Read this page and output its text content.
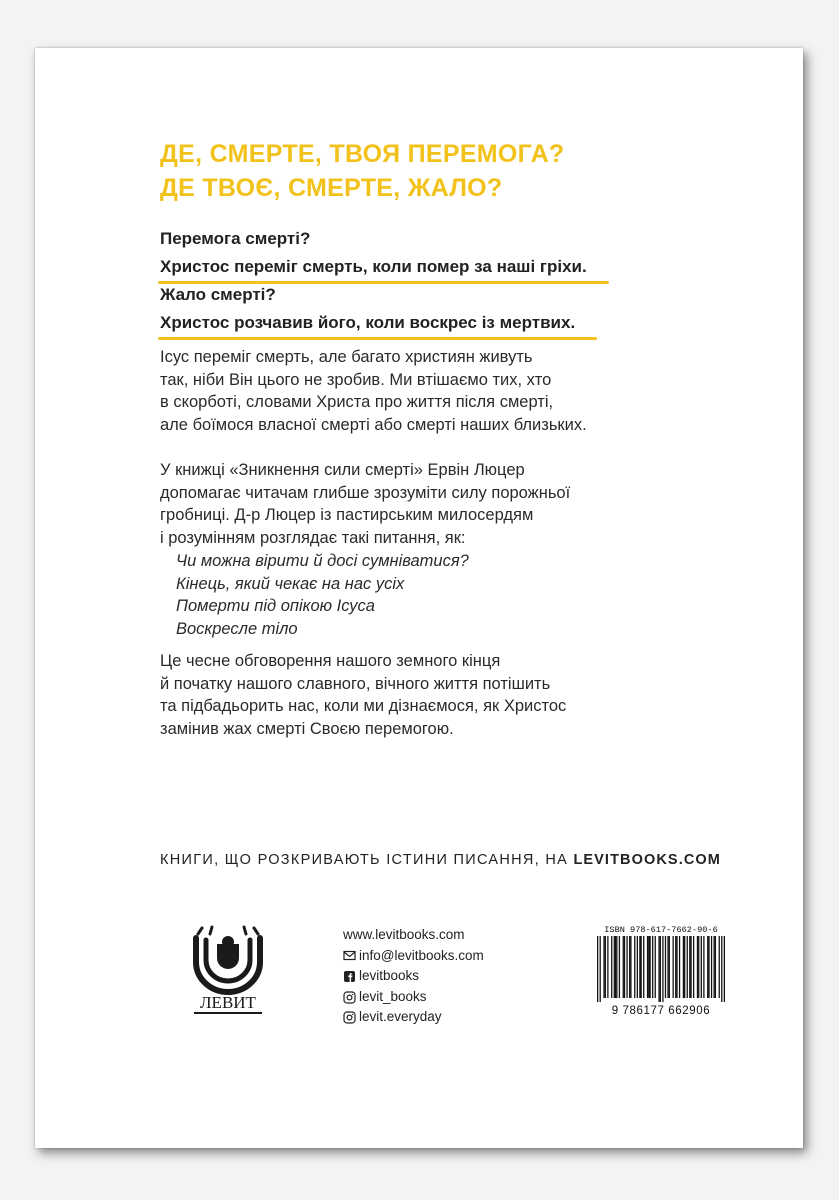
ДЕ, СМЕРТЕ, ТВОЯ ПЕРЕМОГА?
ДЕ ТВОЄ, СМЕРТЕ, ЖАЛО?
Перемога смерті?
Христос переміг смерть, коли помер за наші гріхи.
Жало смерті?
Христос розчавив його, коли воскрес із мертвих.
Ісус переміг смерть, але багато християн живуть
так, ніби Він цього не зробив. Ми втішаємо тих, хто
в скорботі, словами Христа про життя після смерті,
але боїмося власної смерті або смерті наших близьких.
У книжці «Зникнення сили смерті» Ервін Люцер
допомагає читачам глибше зрозуміти силу порожньої
гробниці. Д-р Люцер із пастирським милосердям
і розумінням розглядає такі питання, як:
Чи можна вірити й досі сумніватися?
Кінець, який чекає на нас усіх
Померти під опікою Ісуса
Воскресле тіло
Це чесне обговорення нашого земного кінця
й початку нашого славного, вічного життя потішить
та підбадьорить нас, коли ми дізнаємося, як Христос
замінив жах смерті Своєю перемогою.
КНИГИ, ЩО РОЗКРИВАЮТЬ ІСТИНИ ПИСАННЯ, НА LEVITBOOKS.COM
ЛЕВИТ
www.levitbooks.com
info@levitbooks.com
levitbooks
levit_books
levit.everyday
ISBN 978-617-7662-90-6
9 786177 662906
